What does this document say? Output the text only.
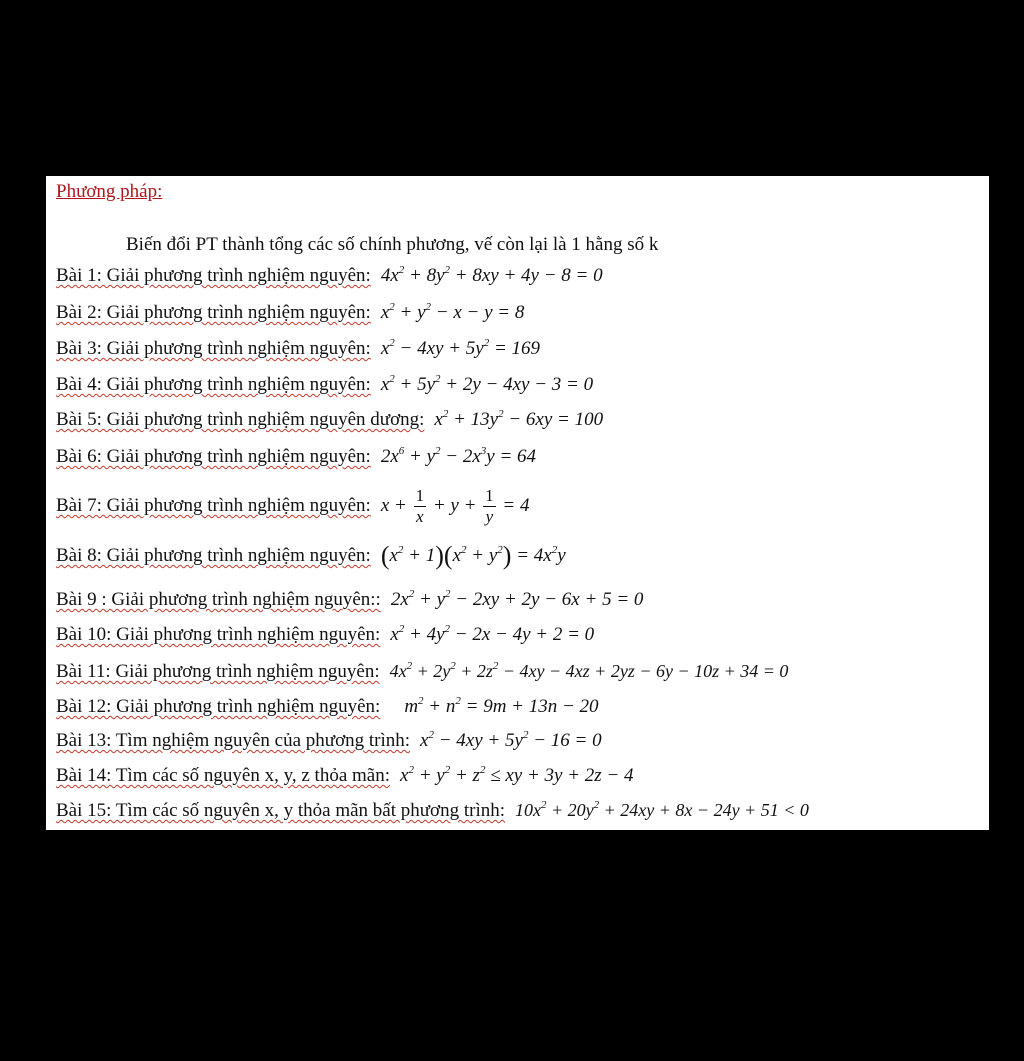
Phương pháp:
Biến đổi PT thành tổng các số chính phương, vế còn lại là 1 hằng số k
Bài 1: Giải phương trình nghiệm nguyên: $4x^2 + 8y^2 + 8xy + 4y - 8 = 0$
Bài 2: Giải phương trình nghiệm nguyên: $x^2 + y^2 - x - y = 8$
Bài 3: Giải phương trình nghiệm nguyên: $x^2 - 4xy + 5y^2 = 169$
Bài 4: Giải phương trình nghiệm nguyên: $x^2 + 5y^2 + 2y - 4xy - 3 = 0$
Bài 5: Giải phương trình nghiệm nguyên dương: $x^2 + 13y^2 - 6xy = 100$
Bài 6: Giải phương trình nghiệm nguyên: $2x^6 + y^2 - 2x^3y = 64$
Bài 7: Giải phương trình nghiệm nguyên: $x + \frac{1}{x} + y + \frac{1}{y} = 4$
Bài 8: Giải phương trình nghiệm nguyên: $(x^2 + 1)(x^2 + y^2) = 4x^2y$
Bài 9 : Giải phương trình nghiệm nguyên:: $2x^2 + y^2 - 2xy + 2y - 6x + 5 = 0$
Bài 10: Giải phương trình nghiệm nguyên: $x^2 + 4y^2 - 2x - 4y + 2 = 0$
Bài 11: Giải phương trình nghiệm nguyên: $4x^2 + 2y^2 + 2z^2 - 4xy - 4xz + 2yz - 6y - 10z + 34 = 0$
Bài 12: Giải phương trình nghiệm nguyên: $m^2 + n^2 = 9m + 13n - 20$
Bài 13: Tìm nghiệm nguyên của phương trình: $x^2 - 4xy + 5y^2 - 16 = 0$
Bài 14: Tìm các số nguyên x, y, z thỏa mãn: $x^2 + y^2 + z^2$ ≤ xy + 3y + 2z − 4
Bài 15: Tìm các số nguyên x, y thỏa mãn bất phương trình: $10x^2 + 20y^2 + 24xy + 8x - 24y + 51 < 0$
